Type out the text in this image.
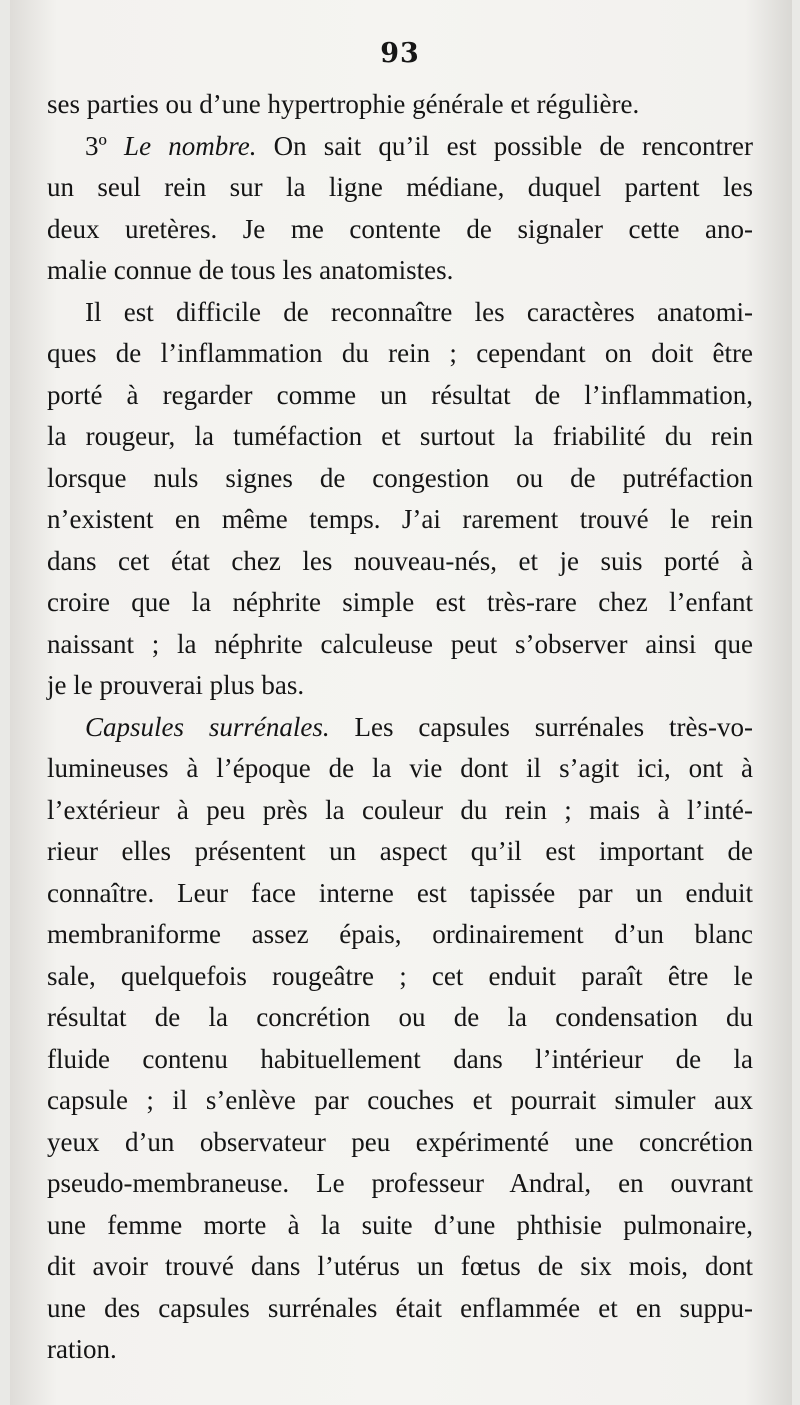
93
ses parties ou d’une hypertrophie générale et régulière.
3º Le nombre. On sait qu’il est possible de rencontrer
un seul rein sur la ligne médiane, duquel partent les
deux uretères. Je me contente de signaler cette ano-
malie connue de tous les anatomistes.
Il est difficile de reconnaître les caractères anatomi-
ques de l’inflammation du rein ; cependant on doit être
porté à regarder comme un résultat de l’inflammation,
la rougeur, la tuméfaction et surtout la friabilité du rein
lorsque nuls signes de congestion ou de putréfaction
n’existent en même temps. J’ai rarement trouvé le rein
dans cet état chez les nouveau-nés, et je suis porté à
croire que la néphrite simple est très-rare chez l’enfant
naissant ; la néphrite calculeuse peut s’observer ainsi que
je le prouverai plus bas.
Capsules surrénales. Les capsules surrénales très-vo-
lumineuses à l’époque de la vie dont il s’agit ici, ont à
l’extérieur à peu près la couleur du rein ; mais à l’inté-
rieur elles présentent un aspect qu’il est important de
connaître. Leur face interne est tapissée par un enduit
membraniforme assez épais, ordinairement d’un blanc
sale, quelquefois rougeâtre ; cet enduit paraît être le
résultat de la concrétion ou de la condensation du
fluide contenu habituellement dans l’intérieur de la
capsule ; il s’enlève par couches et pourrait simuler aux
yeux d’un observateur peu expérimenté une concrétion
pseudo-membraneuse. Le professeur Andral, en ouvrant
une femme morte à la suite d’une phthisie pulmonaire,
dit avoir trouvé dans l’utérus un fœtus de six mois, dont
une des capsules surrénales était enflammée et en suppu-
ration.
